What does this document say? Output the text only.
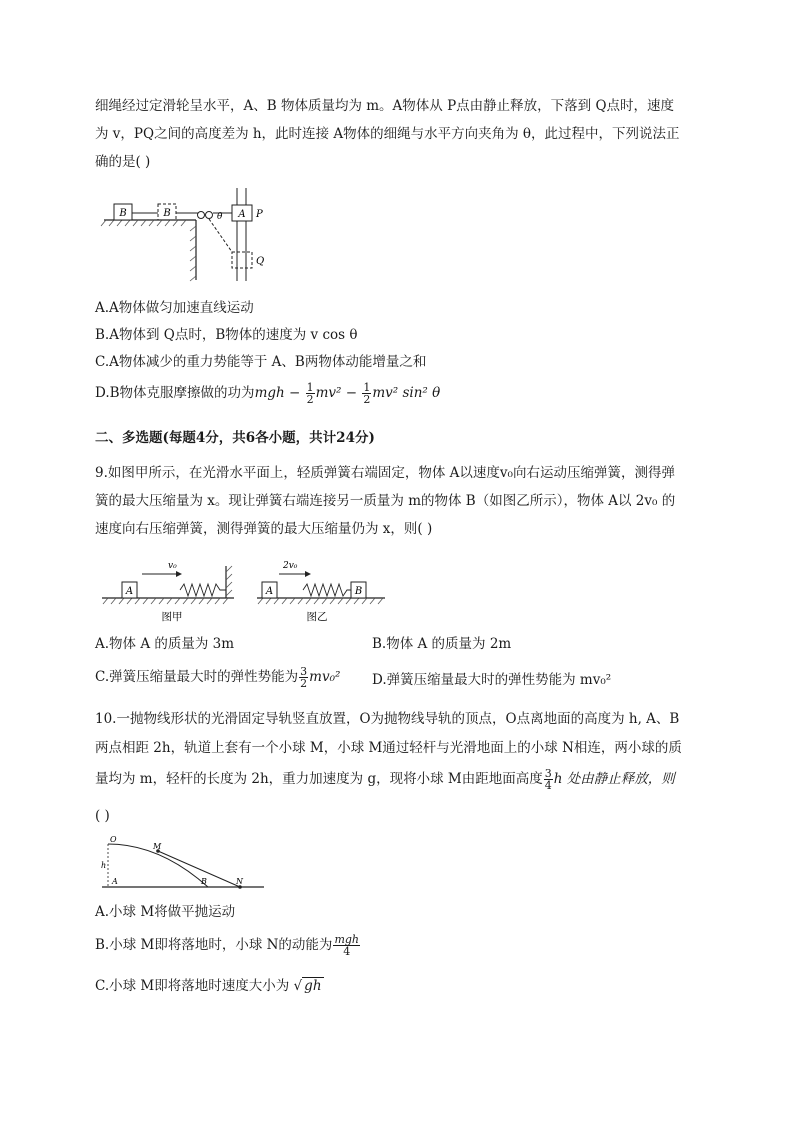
细绳经过定滑轮呈水平，A、B 物体质量均为 m。A物体从 P点由静止释放，下落到 Q点时，速度
为 v，PQ之间的高度差为 h，此时连接 A物体的细绳与水平方向夹角为 θ，此过程中，下列说法正
确的是( )
B	B	θ A P
Q
A.A物体做匀加速直线运动
B.A物体到 Q点时，B物体的速度为 v cos θ
C.A物体减少的重力势能等于 A、B两物体动能增量之和
D.B物体克服摩擦做的功为mgh − $\frac{1}{2} mv^2 - \frac{1}{2} mv^2$ sin² θ
二、多选题(每题4分，共6各小题，共计24分)
9.如图甲所示，在光滑水平面上，轻质弹簧右端固定，物体 A以速度v₀向右运动压缩弹簧，测得弹
簧的最大压缩量为 x。现让弹簧右端连接另一质量为 m的物体 B（如图乙所示），物体 A以 2v₀ 的
速度向右压缩弹簧，测得弹簧的最大压缩量仍为 x，则( )
A
v₀
图甲
A
2v₀
B
图乙
A.物体 A 的质量为 3m	B.物体 A 的质量为 2m
C.弹簧压缩量最大时的弹性势能为 $\frac{3}{2} mv_0^2$ D.弹簧压缩量最大时的弹性势能为 mv₀²
10.一抛物线形状的光滑固定导轨竖直放置，O为抛物线导轨的顶点，O点离地面的高度为 h, A、B
两点相距 2h，轨道上套有一个小球 M，小球 M通过轻杆与光滑地面上的小球 N相连，两小球的质
量均为 m，轻杆的长度为 2h，重力加速度为 g，现将小球 M由距地面高度 $\frac{3}{4}$ h 处由静止释放，则
( )
O
M
h
A	B	N
A.小球 M将做平抛运动
B.小球 M即将落地时，小球 N的动能为 $\frac{\text{mgh}}{4}$
C.小球 M即将落地时速度大小为 √ gh
